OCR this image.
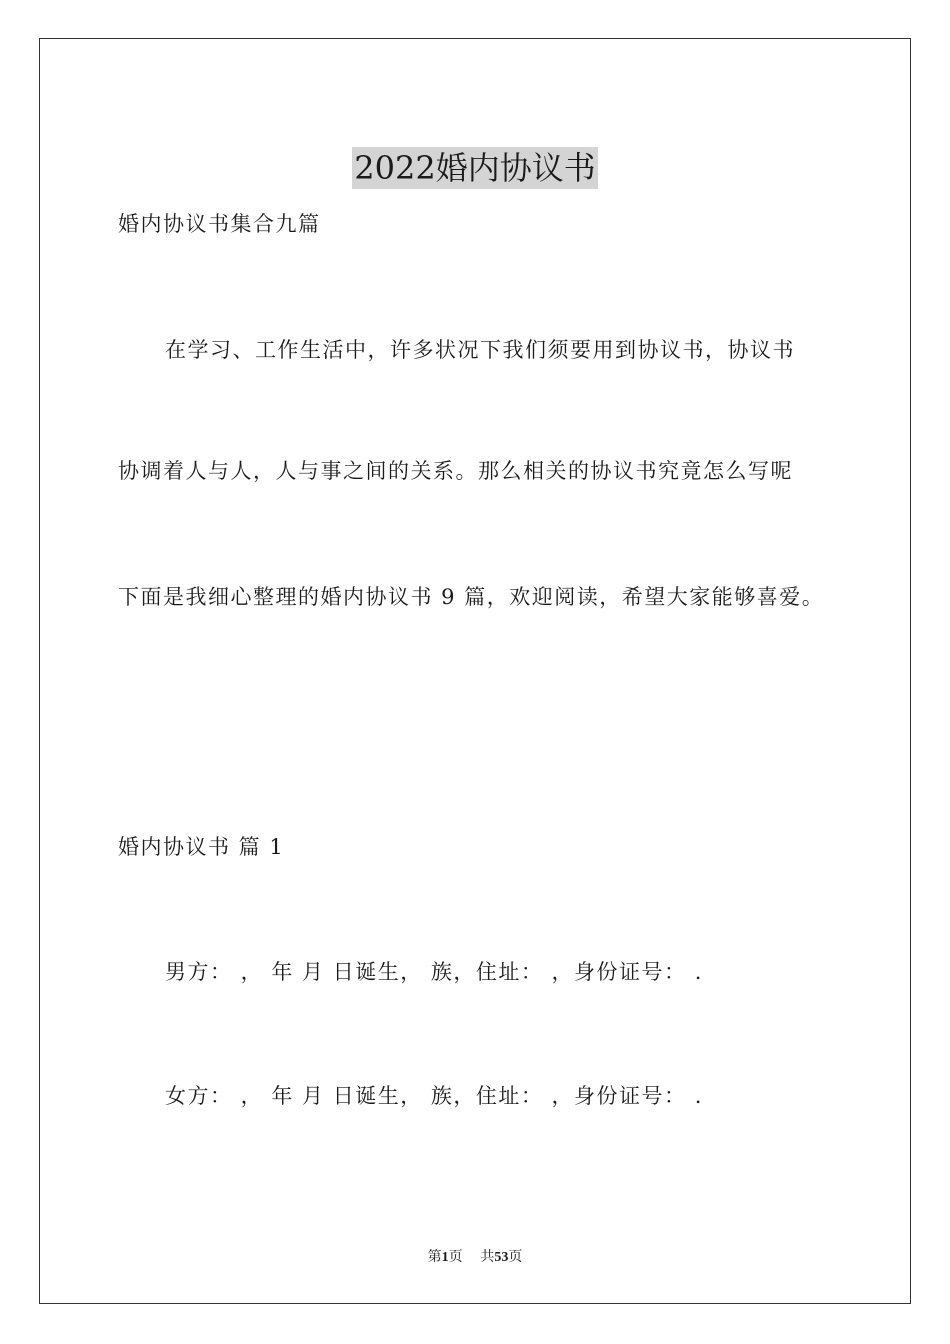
2022婚内协议书
婚内协议书集合九篇
在学习、工作生活中，许多状况下我们须要用到协议书，协议书
协调着人与人，人与事之间的关系。那么相关的协议书究竟怎么写呢
下面是我细心整理的婚内协议书 9 篇，欢迎阅读，希望大家能够喜爱。
婚内协议书 篇 1
男方： ， 年 月 日诞生， 族，住址： ，身份证号： .
女方： ， 年 月 日诞生， 族，住址： ，身份证号： .
第1页 共53页
